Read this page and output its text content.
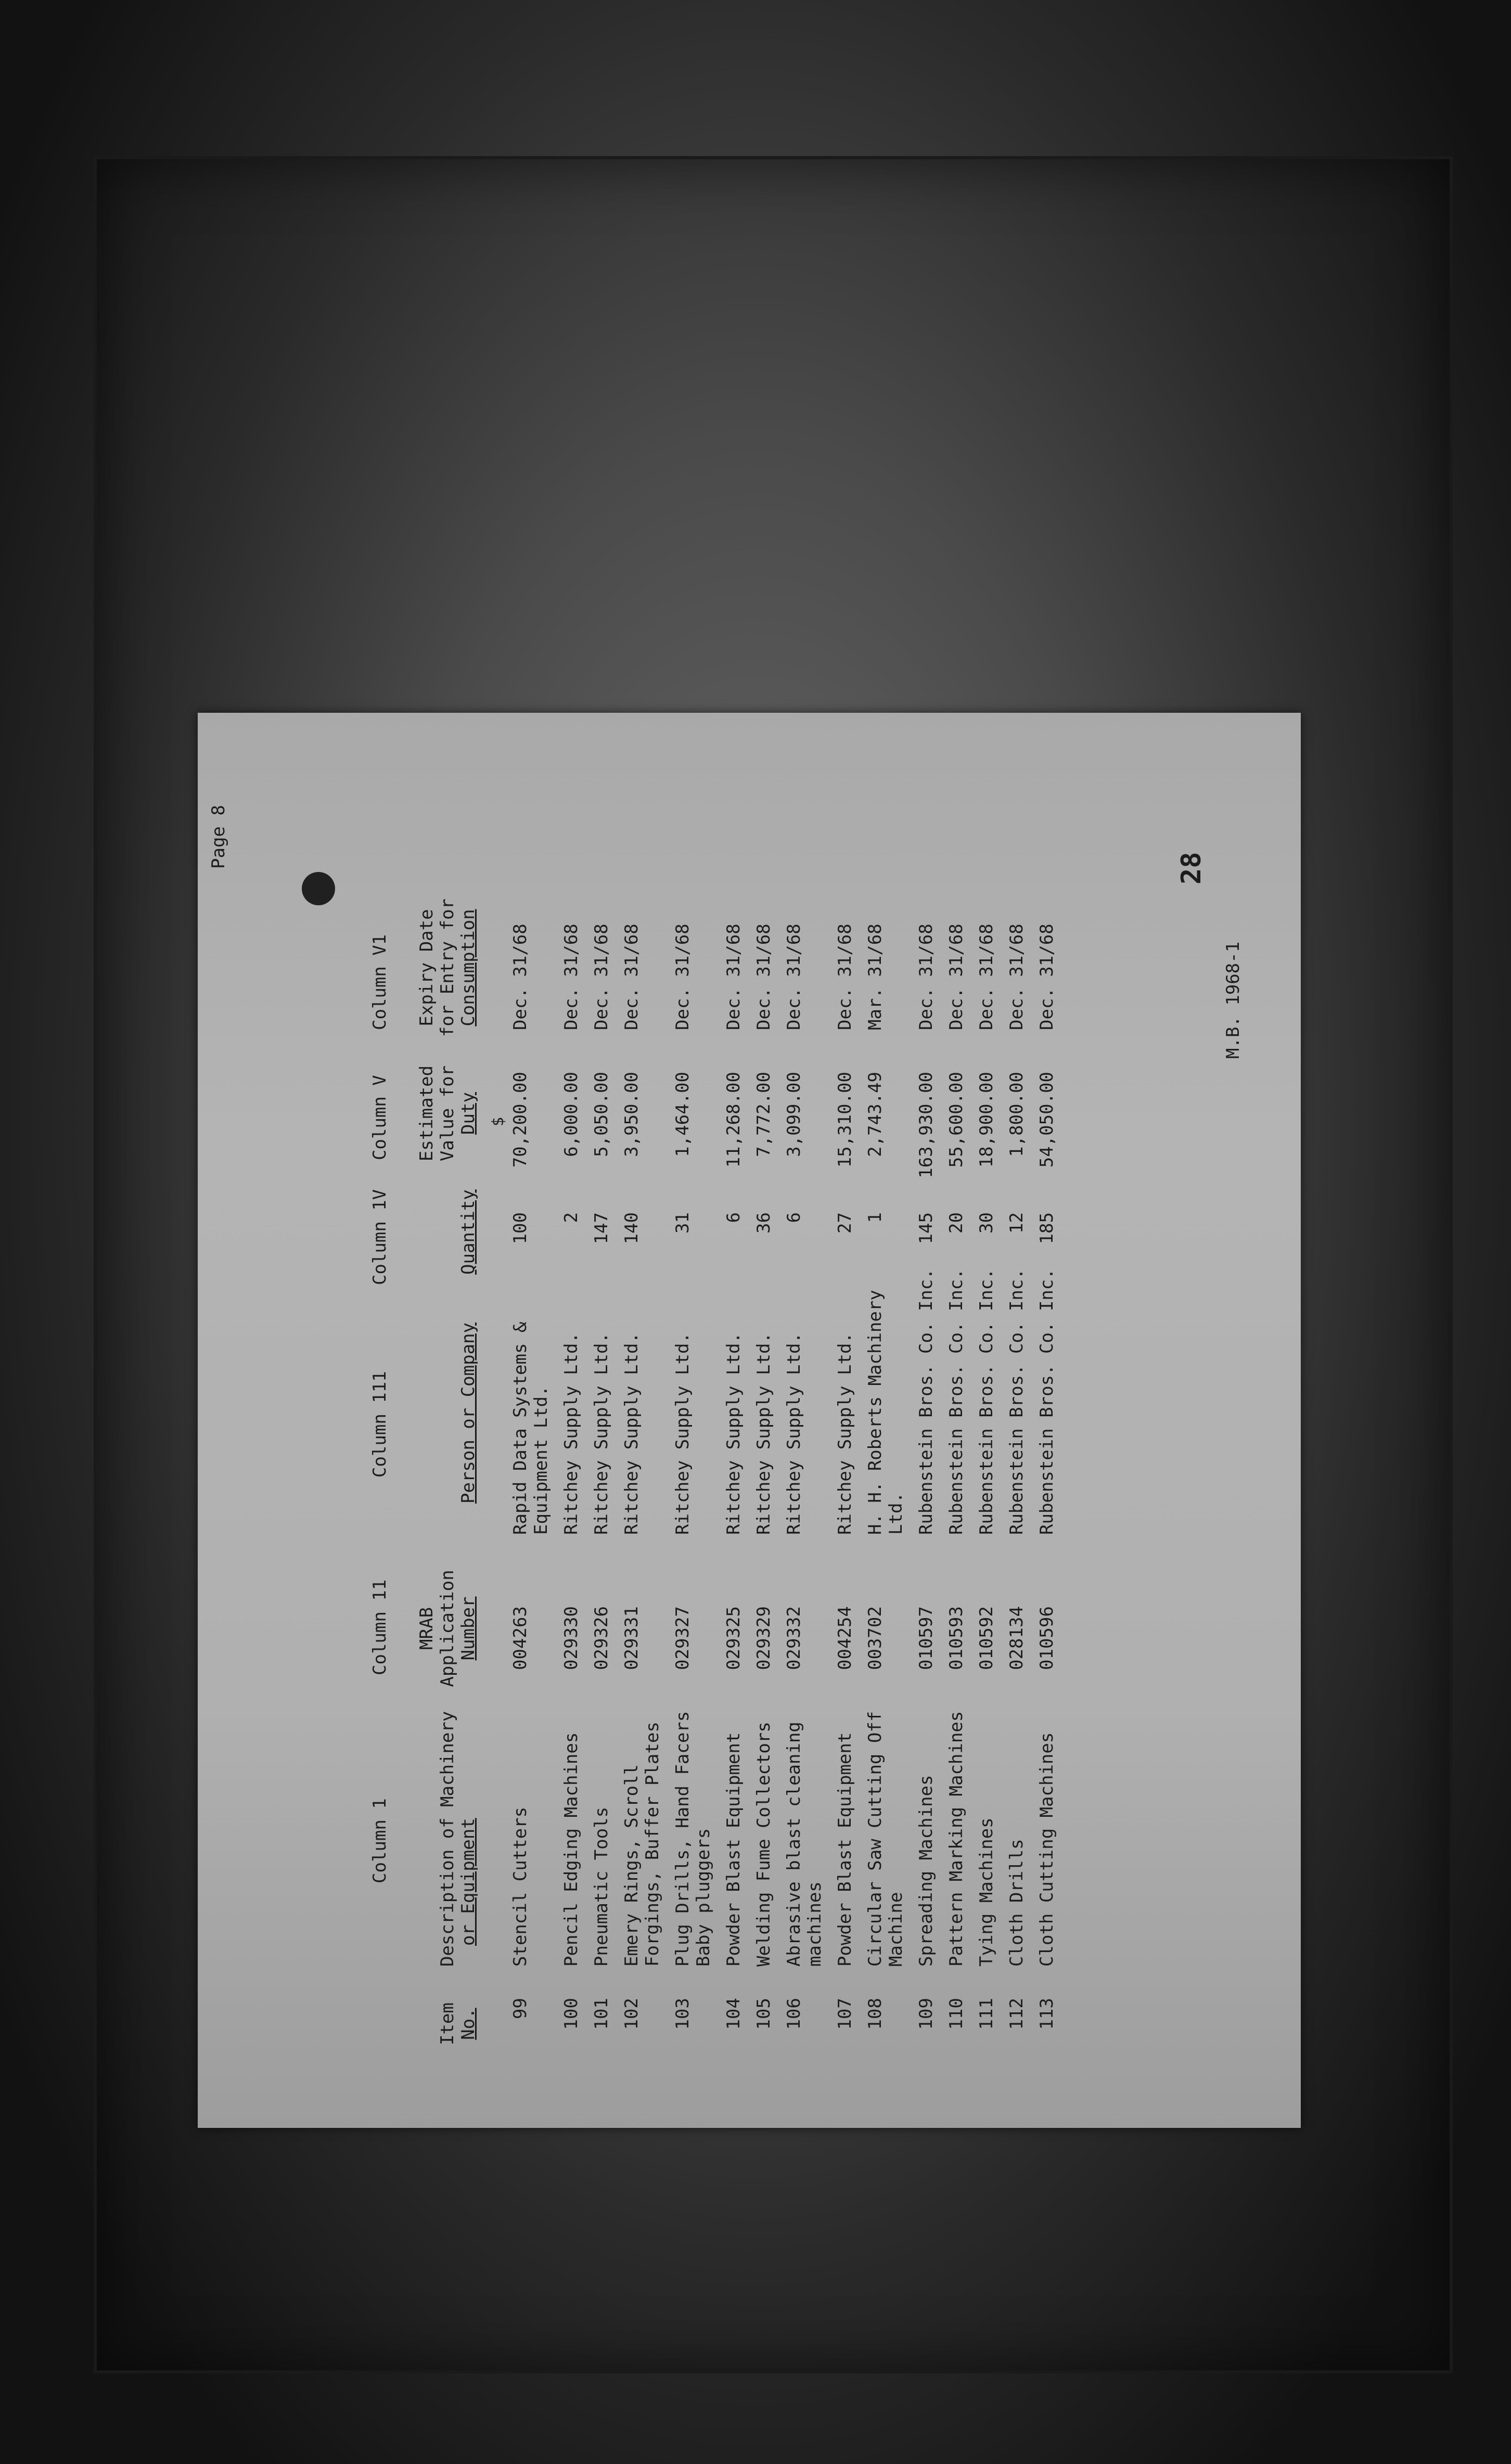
Page 8	28
M.B. 1968-1
Column 1
Column 11
Column 111
Column 1V
Column V
Column V1
Item No.
Description of Machinery or Equipment
MRAB Application Number
Person or Company
Quantity
Estimated Value for Duty
Expiry Date for Entry for Consumption
$
99
Stencil Cutters
004263
Rapid Data Systems & Equipment Ltd.
100
70,200.00
Dec. 31/68
100
Pencil Edging Machines
029330
Ritchey Supply Ltd.
2
6,000.00
Dec. 31/68
101
Pneumatic Tools
029326
Ritchey Supply Ltd.
147
5,050.00
Dec. 31/68
102
Emery Rings, Scroll Forgings, Buffer Plates
029331
Ritchey Supply Ltd.
140
3,950.00
Dec. 31/68
103
Plug Drills, Hand Facers Baby pluggers
029327
Ritchey Supply Ltd.
31
1,464.00
Dec. 31/68
104
Powder Blast Equipment
029325
Ritchey Supply Ltd.
6
11,268.00
Dec. 31/68
105
Welding Fume Collectors
029329
Ritchey Supply Ltd.
36
7,772.00
Dec. 31/68
106
Abrasive blast cleaning machines
029332
Ritchey Supply Ltd.
6
3,099.00
Dec. 31/68
107
Powder Blast Equipment
004254
Ritchey Supply Ltd.
27
15,310.00
Dec. 31/68
108
Circular Saw Cutting Off Machine
003702
H. H. Roberts Machinery Ltd.
1
2,743.49
Mar. 31/68
109
Spreading Machines
010597
Rubenstein Bros. Co. Inc.
145
163,930.00
Dec. 31/68
110
Pattern Marking Machines
010593
Rubenstein Bros. Co. Inc.
20
55,600.00
Dec. 31/68
111
Tying Machines
010592
Rubenstein Bros. Co. Inc.
30
18,900.00
Dec. 31/68
112
Cloth Drills
028134
Rubenstein Bros. Co. Inc.
12
1,800.00
Dec. 31/68
113
Cloth Cutting Machines
010596
Rubenstein Bros. Co. Inc.
185
54,050.00
Dec. 31/68
